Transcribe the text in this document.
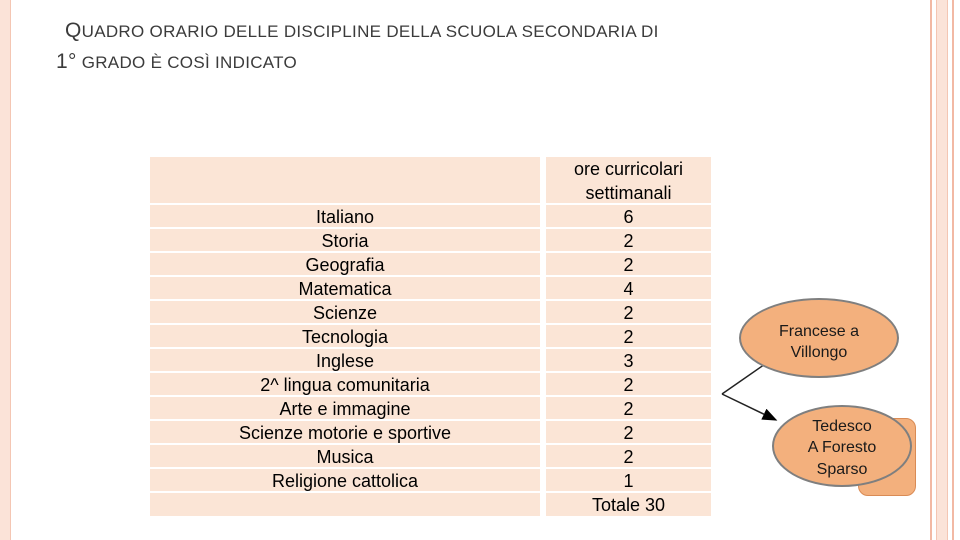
QUADRO ORARIO DELLE DISCIPLINE DELLA SCUOLA SECONDARIA DI
1° GRADO È COSÌ INDICATO
Italiano
Storia
Geografia
Matematica
Scienze
Tecnologia
Inglese
2^ lingua comunitaria
Arte e immagine
Scienze motorie e sportive
Musica
Religione cattolica
ore curricolari
settimanali
6
2
2
4
2
2
3
2
2
2
2
1
Totale 30
Francese a
Villongo
Tedesco
A Foresto
Sparso
